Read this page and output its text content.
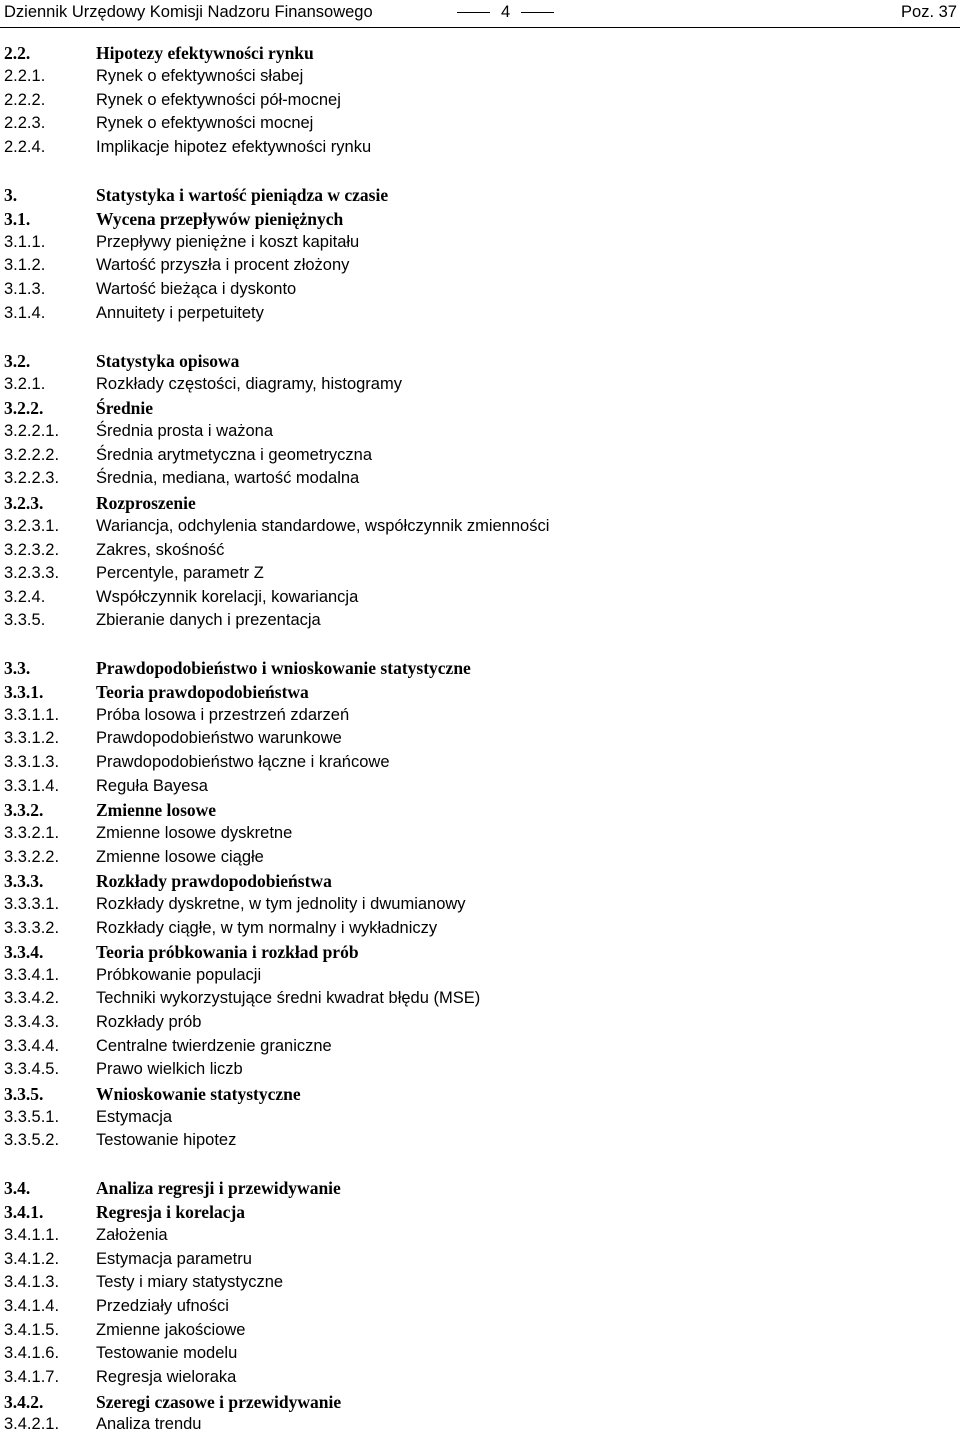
Dziennik Urzędowy Komisji Nadzoru Finansowego	4	Poz. 37
2.2.	Hipotezy efektywności rynku
2.2.1.	Rynek o efektywności słabej
2.2.2.	Rynek o efektywności pół-mocnej
2.2.3.	Rynek o efektywności mocnej
2.2.4.	Implikacje hipotez efektywności rynku
3.	Statystyka i wartość pieniądza w czasie
3.1.	Wycena przepływów pieniężnych
3.1.1.	Przepływy pieniężne i koszt kapitału
3.1.2.	Wartość przyszła i procent złożony
3.1.3.	Wartość bieżąca i dyskonto
3.1.4.	Annuitety i perpetuitety
3.2.	Statystyka opisowa
3.2.1.	Rozkłady częstości, diagramy, histogramy
3.2.2.	Średnie
3.2.2.1. Średnia prosta i ważona
3.2.2.2. Średnia arytmetyczna i geometryczna
3.2.2.3. Średnia, mediana, wartość modalna
3.2.3.	Rozproszenie
3.2.3.1. Wariancja, odchylenia standardowe, współczynnik zmienności
3.2.3.2. Zakres, skośność
3.2.3.3. Percentyle, parametr Z
3.2.4.	Współczynnik korelacji, kowariancja
3.3.5.	Zbieranie danych i prezentacja
3.3.	Prawdopodobieństwo i wnioskowanie statystyczne
3.3.1.	Teoria prawdopodobieństwa
3.3.1.1. Próba losowa i przestrzeń zdarzeń
3.3.1.2. Prawdopodobieństwo warunkowe
3.3.1.3. Prawdopodobieństwo łączne i krańcowe
3.3.1.4. Reguła Bayesa
3.3.2.	Zmienne losowe
3.3.2.1. Zmienne losowe dyskretne
3.3.2.2. Zmienne losowe ciągłe
3.3.3.	Rozkłady prawdopodobieństwa
3.3.3.1. Rozkłady dyskretne, w tym jednolity i dwumianowy
3.3.3.2. Rozkłady ciągłe, w tym normalny i wykładniczy
3.3.4.	Teoria próbkowania i rozkład prób
3.3.4.1. Próbkowanie populacji
3.3.4.2. Techniki wykorzystujące średni kwadrat błędu (MSE)
3.3.4.3. Rozkłady prób
3.3.4.4. Centralne twierdzenie graniczne
3.3.4.5. Prawo wielkich liczb
3.3.5.	Wnioskowanie statystyczne
3.3.5.1. Estymacja
3.3.5.2. Testowanie hipotez
3.4.	Analiza regresji i przewidywanie
3.4.1.	Regresja i korelacja
3.4.1.1. Założenia
3.4.1.2. Estymacja parametru
3.4.1.3. Testy i miary statystyczne
3.4.1.4. Przedziały ufności
3.4.1.5. Zmienne jakościowe
3.4.1.6. Testowanie modelu
3.4.1.7. Regresja wieloraka
3.4.2.	Szeregi czasowe i przewidywanie
3.4.2.1. Analiza trendu
